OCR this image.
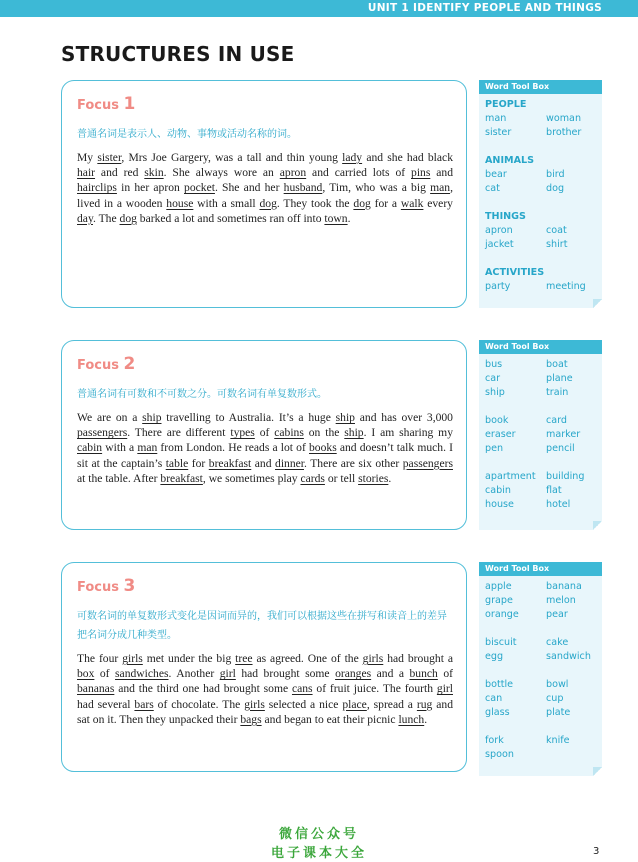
UNIT 1 IDENTIFY PEOPLE AND THINGS
STRUCTURES IN USE
Focus 1
普通名词是表示人、动物、事物或活动名称的词。
My sister, Mrs Joe Gargery, was a tall and thin young lady and she had black hair and red skin. She always wore an apron and carried lots of pins and hairclips in her apron pocket. She and her husband, Tim, who was a big man, lived in a wooden house with a small dog. They took the dog for a walk every day. The dog barked a lot and sometimes ran off into town.
Focus 2
普通名词有可数和不可数之分。可数名词有单复数形式。
We are on a ship travelling to Australia. It’s a huge ship and has over 3,000 passengers. There are different types of cabins on the ship. I am sharing my cabin with a man from London. He reads a lot of books and doesn’t talk much. I sit at the captain’s table for breakfast and dinner. There are six other passengers at the table. After breakfast, we sometimes play cards or tell stories.
Focus 3
可数名词的单复数形式变化是因词而异的，我们可以根据这些在拼写和读音上的差异把名词分成几种类型。
The four girls met under the big tree as agreed. One of the girls had brought a box of sandwiches. Another girl had brought some oranges and a bunch of bananas and the third one had brought some cans of fruit juice. The fourth girl had several bars of chocolate. The girls selected a nice place, spread a rug and sat on it. Then they unpacked their bags and began to eat their picnic lunch.
Word Tool Box
PEOPLE
man	woman
sister	brother
ANIMALS
bear	bird
cat	dog
THINGS
apron	coat
jacket	shirt
ACTIVITIES
party	meeting
Word Tool Box
bus	boat
car	plane
ship	train
book	card
eraser	marker
pen	pencil
apartment	building
cabin	flat
house	hotel
Word Tool Box
apple	banana
grape	melon
orange	pear
biscuit	cake
egg	sandwich
bottle	bowl
can	cup
glass	plate
fork	knife
spoon
微信公众号
电子课本大全	3
